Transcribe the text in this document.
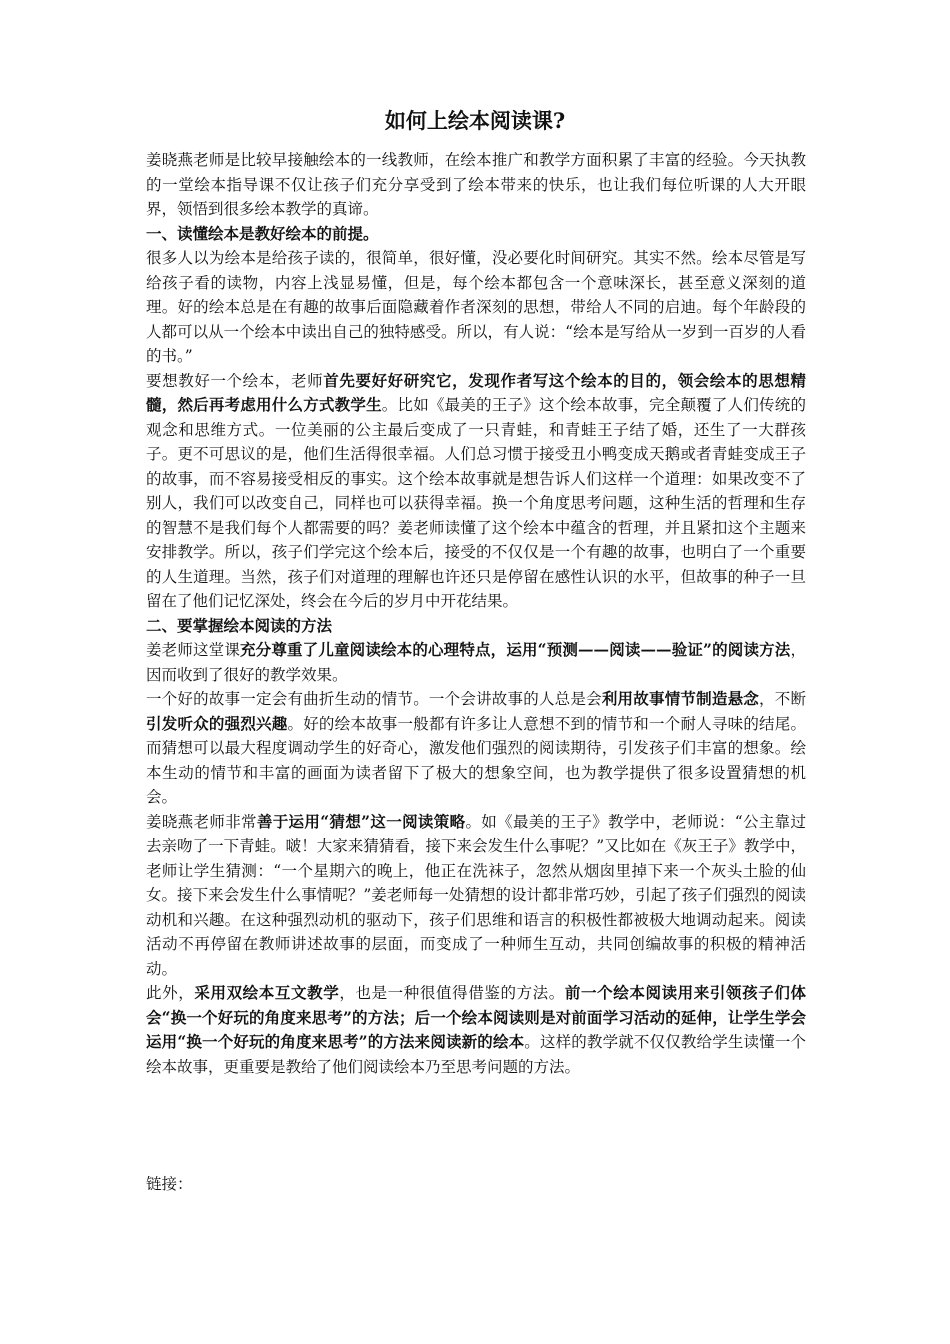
如何上绘本阅读课?

姜晓燕老师是比较早接触绘本的一线教师，在绘本推广和教学方面积累了丰富的经验。今天执教的一堂绘本指导课不仅让孩子们充分享受到了绘本带来的快乐，也让我们每位听课的人大开眼界，领悟到很多绘本教学的真谛。

一、读懂绘本是教好绘本的前提。

很多人以为绘本是给孩子读的，很简单，很好懂，没必要化时间研究。其实不然。绘本尽管是写给孩子看的读物，内容上浅显易懂，但是，每个绘本都包含一个意味深长，甚至意义深刻的道理。好的绘本总是在有趣的故事后面隐藏着作者深刻的思想，带给人不同的启迪。每个年龄段的人都可以从一个绘本中读出自己的独特感受。所以，有人说：“绘本是写给从一岁到一百岁的人看的书。”

要想教好一个绘本，老师首先要好好研究它，发现作者写这个绘本的目的，领会绘本的思想精髓，然后再考虑用什么方式教学生。比如《最美的王子》这个绘本故事，完全颠覆了人们传统的观念和思维方式。一位美丽的公主最后变成了一只青蛙，和青蛙王子结了婚，还生了一大群孩子。更不可思议的是，他们生活得很幸福。人们总习惯于接受丑小鸭变成天鹅或者青蛙变成王子的故事，而不容易接受相反的事实。这个绘本故事就是想告诉人们这样一个道理：如果改变不了别人，我们可以改变自己，同样也可以获得幸福。换一个角度思考问题，这种生活的哲理和生存的智慧不是我们每个人都需要的吗？姜老师读懂了这个绘本中蕴含的哲理，并且紧扣这个主题来安排教学。所以，孩子们学完这个绘本后，接受的不仅仅是一个有趣的故事，也明白了一个重要的人生道理。当然，孩子们对道理的理解也许还只是停留在感性认识的水平，但故事的种子一旦留在了他们记忆深处，终会在今后的岁月中开花结果。

二、要掌握绘本阅读的方法

姜老师这堂课充分尊重了儿童阅读绘本的心理特点，运用“预测——阅读——验证”的阅读方法，因而收到了很好的教学效果。

一个好的故事一定会有曲折生动的情节。一个会讲故事的人总是会利用故事情节制造悬念，不断引发听众的强烈兴趣。好的绘本故事一般都有许多让人意想不到的情节和一个耐人寻味的结尾。而猜想可以最大程度调动学生的好奇心，激发他们强烈的阅读期待，引发孩子们丰富的想象。绘本生动的情节和丰富的画面为读者留下了极大的想象空间，也为教学提供了很多设置猜想的机会。

姜晓燕老师非常善于运用“猜想”这一阅读策略。如《最美的王子》教学中，老师说：“公主靠过去亲吻了一下青蛙。啵！大家来猜猜看，接下来会发生什么事呢？”又比如在《灰王子》教学中，老师让学生猜测：“一个星期六的晚上，他正在洗袜子，忽然从烟囱里掉下来一个灰头土脸的仙女。接下来会发生什么事情呢？”姜老师每一处猜想的设计都非常巧妙，引起了孩子们强烈的阅读动机和兴趣。在这种强烈动机的驱动下，孩子们思维和语言的积极性都被极大地调动起来。阅读活动不再停留在教师讲述故事的层面，而变成了一种师生互动，共同创编故事的积极的精神活动。

此外，采用双绘本互文教学，也是一种很值得借鉴的方法。前一个绘本阅读用来引领孩子们体会“换一个好玩的角度来思考”的方法；后一个绘本阅读则是对前面学习活动的延伸，让学生学会运用“换一个好玩的角度来思考”的方法来阅读新的绘本。这样的教学就不仅仅教给学生读懂一个绘本故事，更重要是教给了他们阅读绘本乃至思考问题的方法。

链接：
